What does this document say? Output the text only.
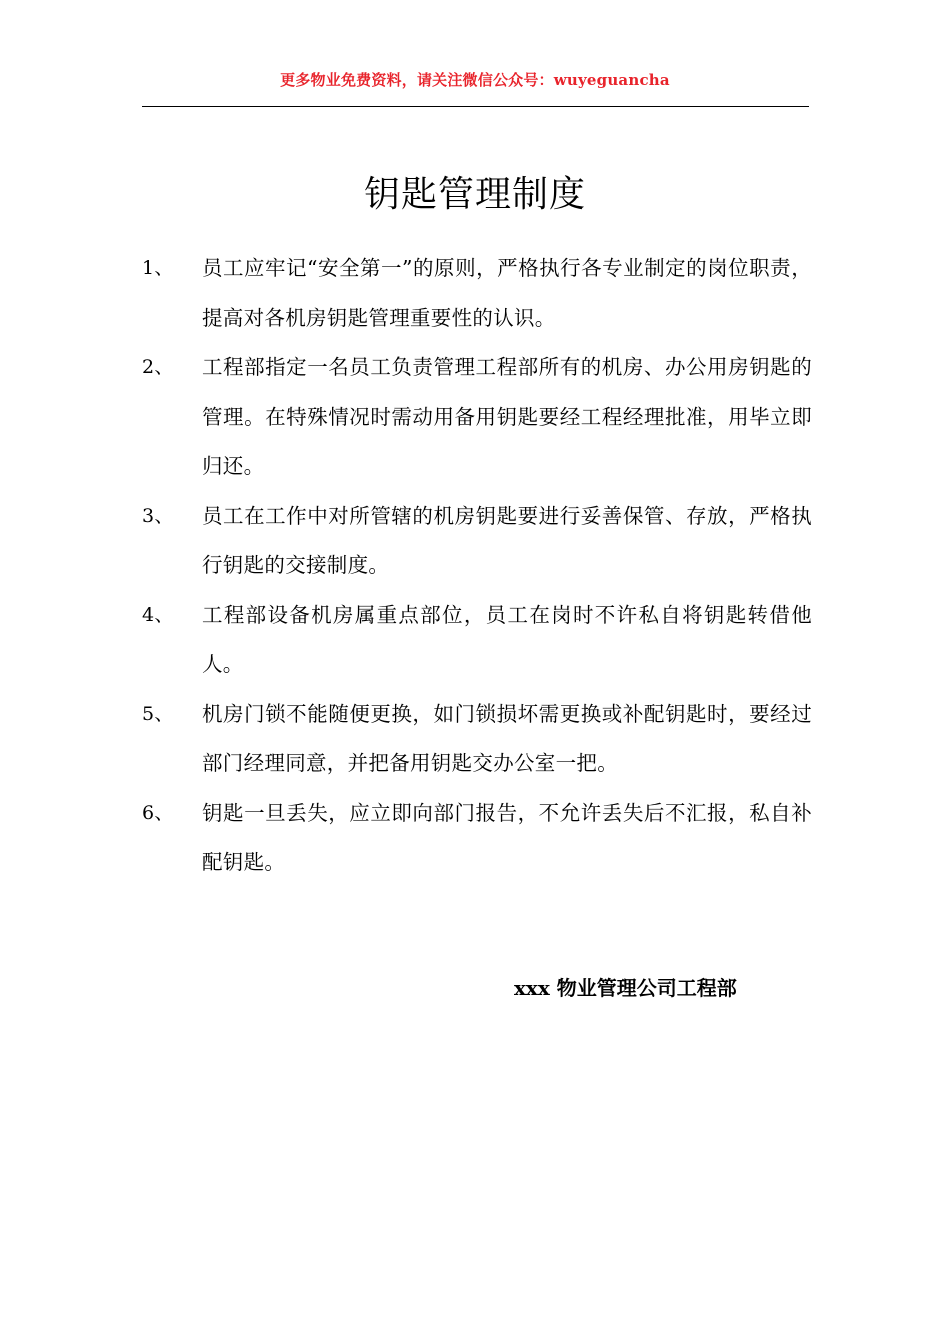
更多物业免费资料，请关注微信公众号：wuyeguancha
钥匙管理制度
1、 员工应牢记“安全第一”的原则，严格执行各专业制定的岗位职责，提高对各机房钥匙管理重要性的认识。
2、 工程部指定一名员工负责管理工程部所有的机房、办公用房钥匙的管理。在特殊情况时需动用备用钥匙要经工程经理批准，用毕立即归还。
3、 员工在工作中对所管辖的机房钥匙要进行妥善保管、存放，严格执行钥匙的交接制度。
4、 工程部设备机房属重点部位，员工在岗时不许私自将钥匙转借他人。
5、 机房门锁不能随便更换，如门锁损坏需更换或补配钥匙时，要经过部门经理同意，并把备用钥匙交办公室一把。
6、 钥匙一旦丢失，应立即向部门报告，不允许丢失后不汇报，私自补配钥匙。
xxx 物业管理公司工程部
